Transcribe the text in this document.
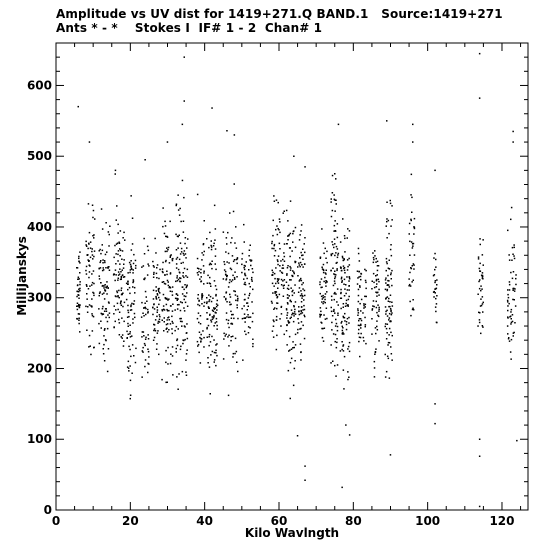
Amplitude vs UV dist for 1419+271.Q BAND.1   Source:1419+271
Ants * - *    Stokes I  IF# 1 - 2  Chan# 1
0	20	40	60	80	100	120
0
100
200
300
400
500
600
Kilo Wavlngth
MilliJanskys
